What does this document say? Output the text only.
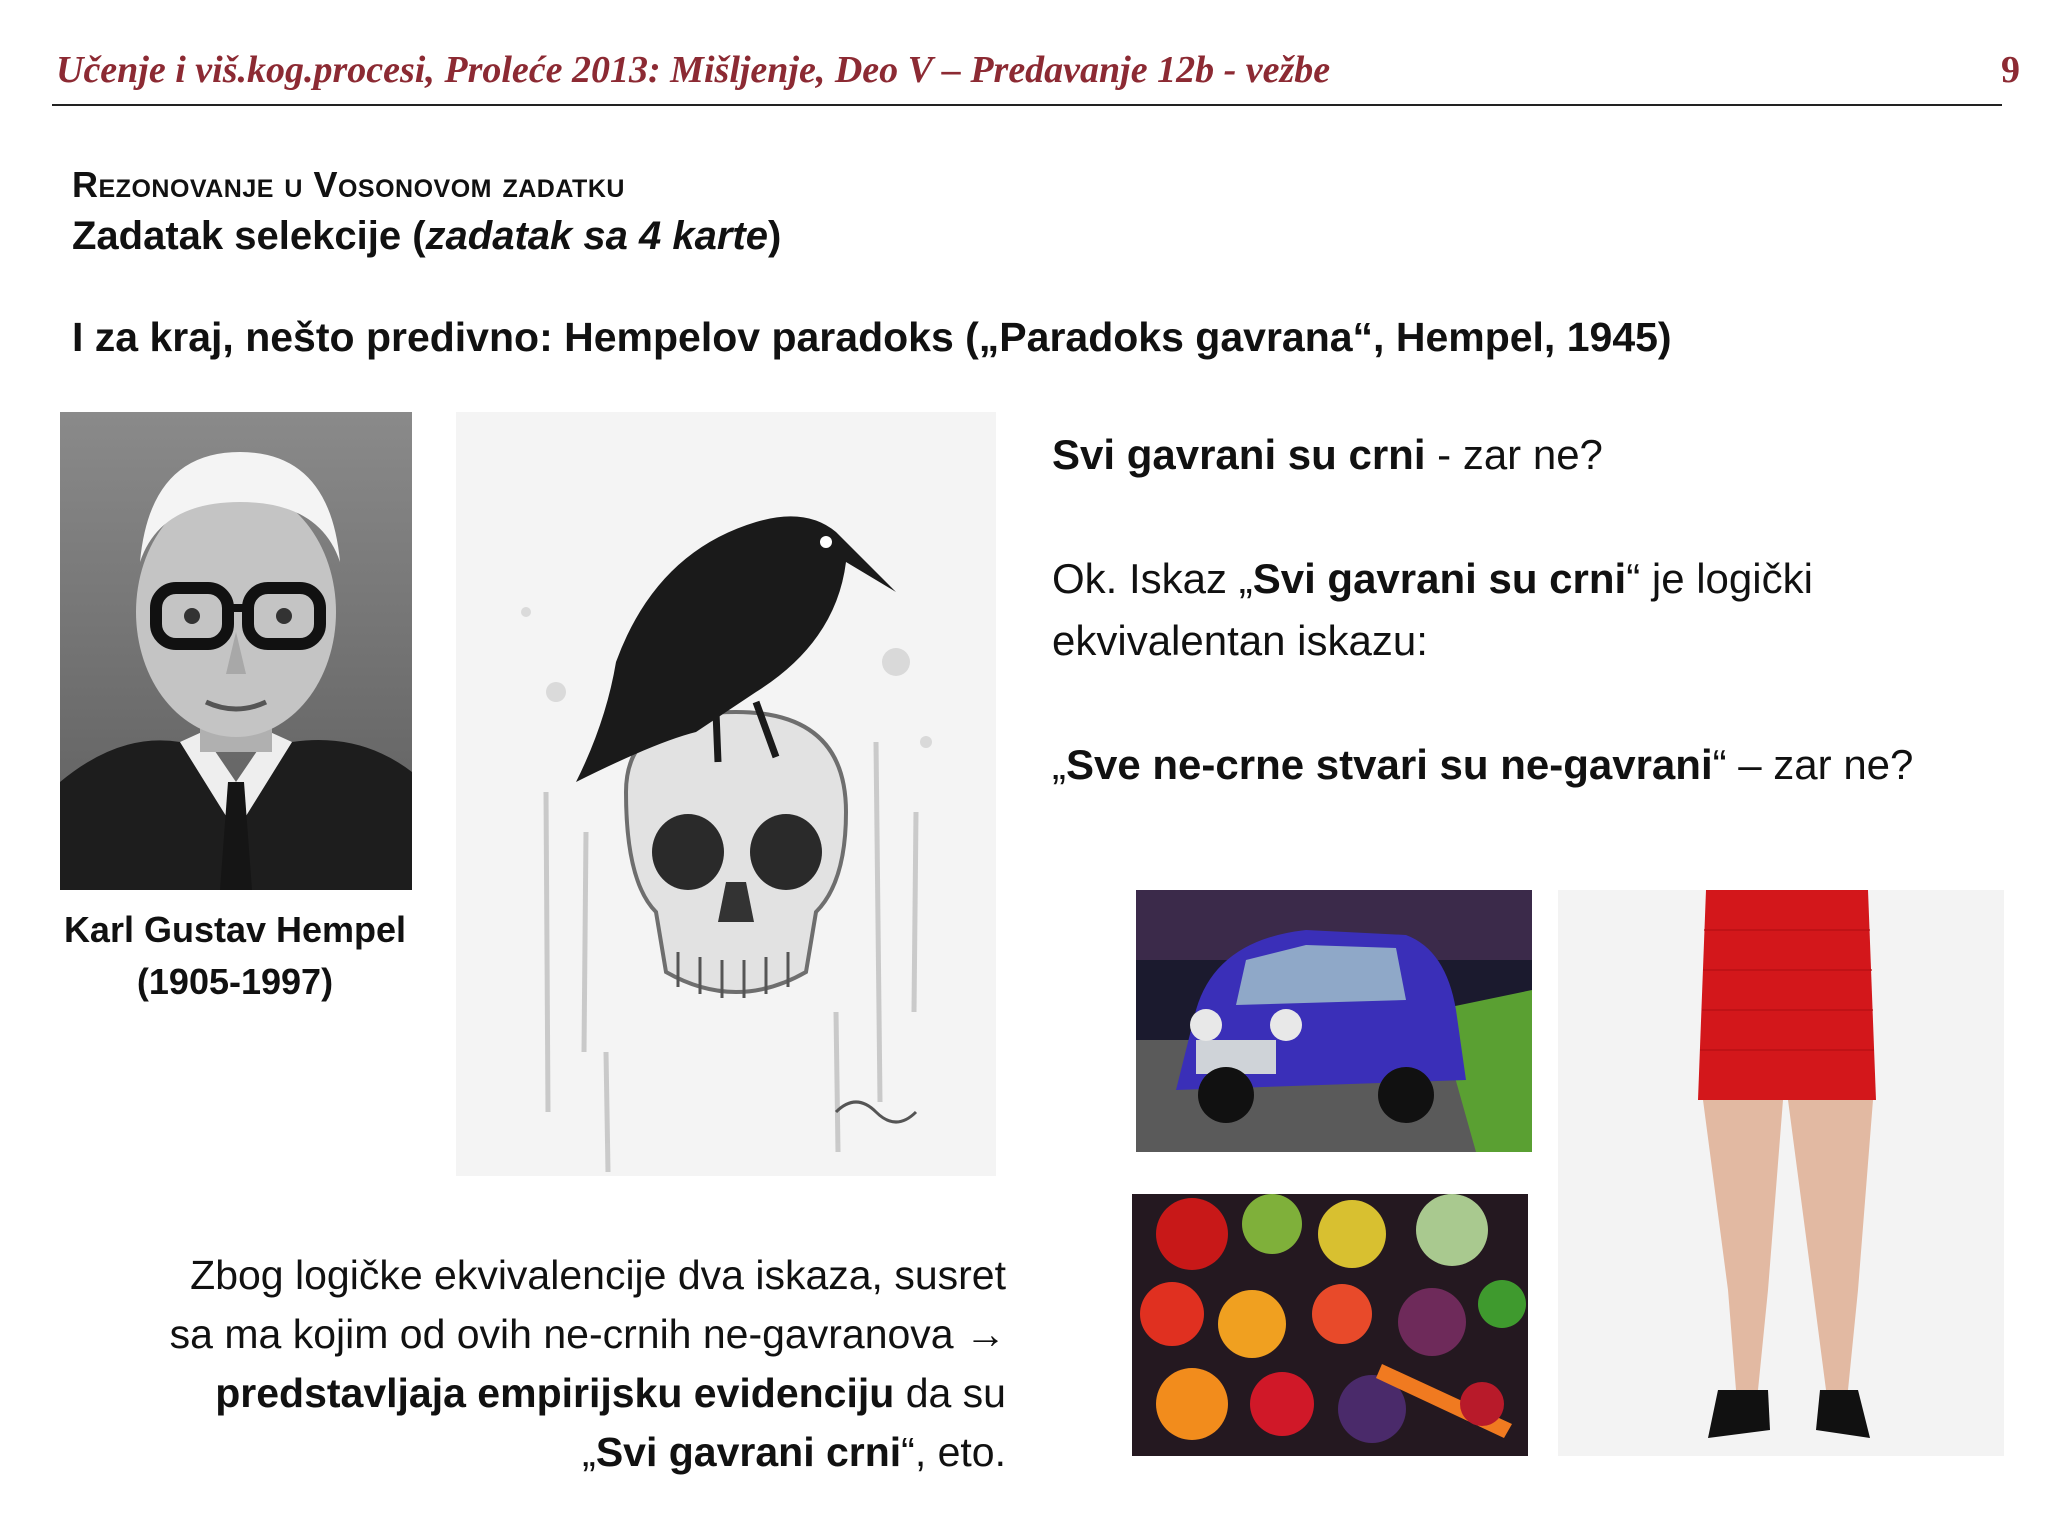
Učenje i viš.kog.procesi, Proleće 2013: Mišljenje, Deo V – Predavanje 12b - vežbe	9
Rezonovanje u Vosonovom zadatku
Zadatak selekcije (zadatak sa 4 karte)
I za kraj, nešto predivno: Hempelov paradoks („Paradoks gavrana“, Hempel, 1945)
Karl Gustav Hempel
(1905-1997)
Svi gavrani su crni - zar ne?
Ok. Iskaz „Svi gavrani su crni“ je logički
ekvivalentan iskazu:
„Sve ne-crne stvari su ne-gavrani“ – zar ne?
Zbog logičke ekvivalencije dva iskaza, susret
sa ma kojim od ovih ne-crnih ne-gavranova →
predstavljaja empirijsku evidenciju da su
„Svi gavrani crni“, eto.
